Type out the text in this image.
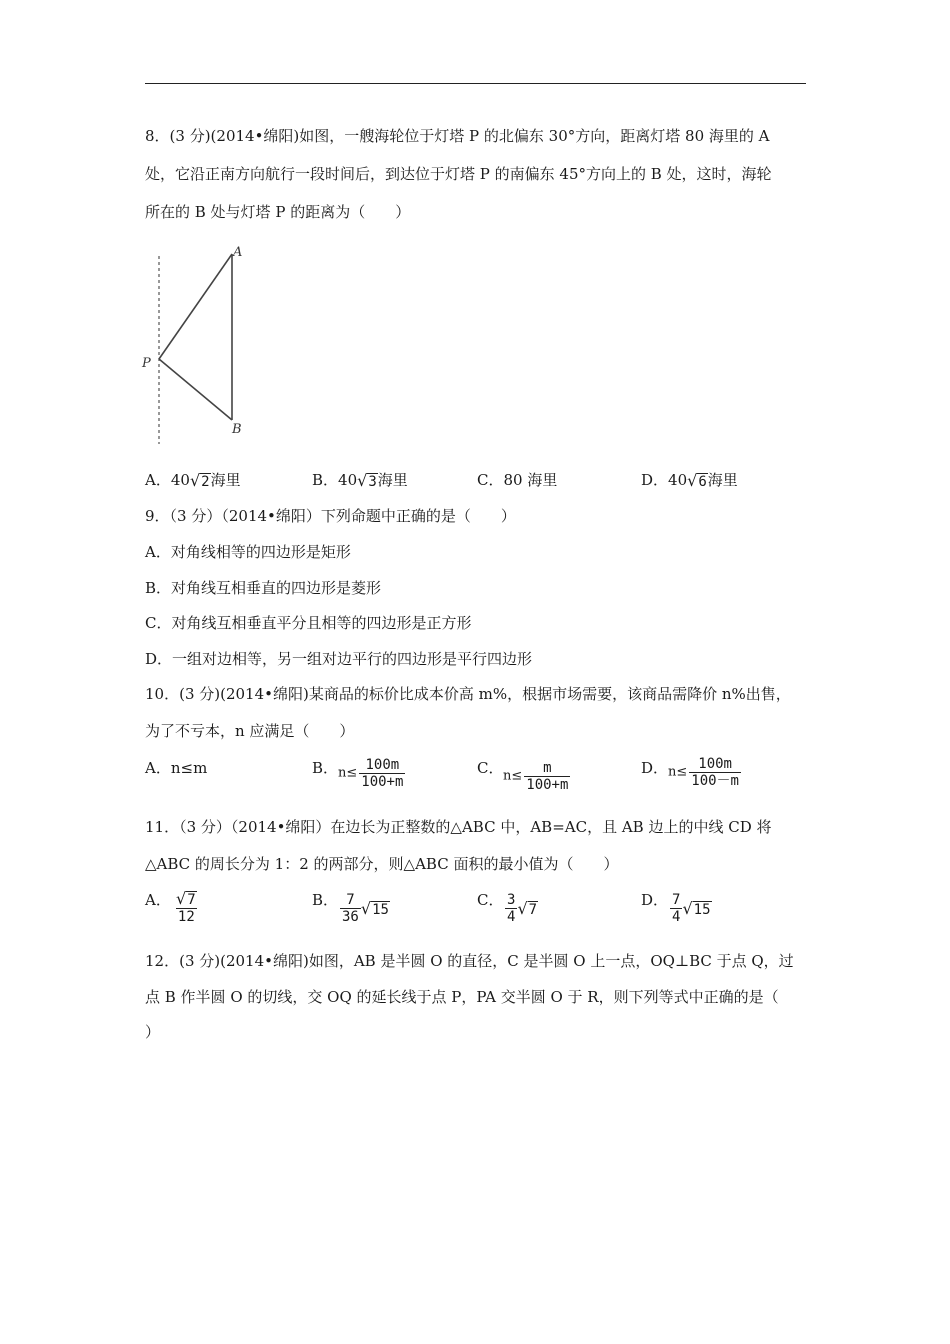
8．(3 分)(2014•绵阳)如图，一艘海轮位于灯塔 P 的北偏东 30°方向，距离灯塔 80 海里的 A
处，它沿正南方向航行一段时间后，到达位于灯塔 P 的南偏东 45°方向上的 B 处，这时，海轮
所在的 B 处与灯塔 P 的距离为（　　）
A
P
B
A．40 √ 2 海里	B．40 √ 3 海里	C．80 海里	D．40 √ 6 海里
9．（3 分）（2014•绵阳）下列命题中正确的是（　　）
A．对角线相等的四边形是矩形
B．对角线互相垂直的四边形是菱形
C．对角线互相垂直平分且相等的四边形是正方形
D．一组对边相等，另一组对边平行的四边形是平行四边形
10．(3 分)(2014•绵阳)某商品的标价比成本价高 m%，根据市场需要，该商品需降价 n%出售，
为了不亏本，n 应满足（　　）
A．n≤m	B． $n\le \frac{100m}{100+m}$	C． $n\le \frac{m}{100+m}$	D． $n\le \frac{100m}{100-m}$
11．（3 分）（2014•绵阳）在边长为正整数的△ABC 中，AB=AC，且 AB 边上的中线 CD 将
△ABC 的周长分为 1：2 的两部分，则△ABC 面积的最小值为（　　）
A． $\frac{√ 7}{12}$	B． $\frac{7}{36}$ √ 15
C． $\frac{3}{4}$ √ 7
D． $\frac{7}{4}$ √ 15
12．(3 分)(2014•绵阳)如图，AB 是半圆 O 的直径，C 是半圆 O 上一点，OQ⊥BC 于点 Q，过
点 B 作半圆 O 的切线，交 OQ 的延长线于点 P，PA 交半圆 O 于 R，则下列等式中正确的是（
）
